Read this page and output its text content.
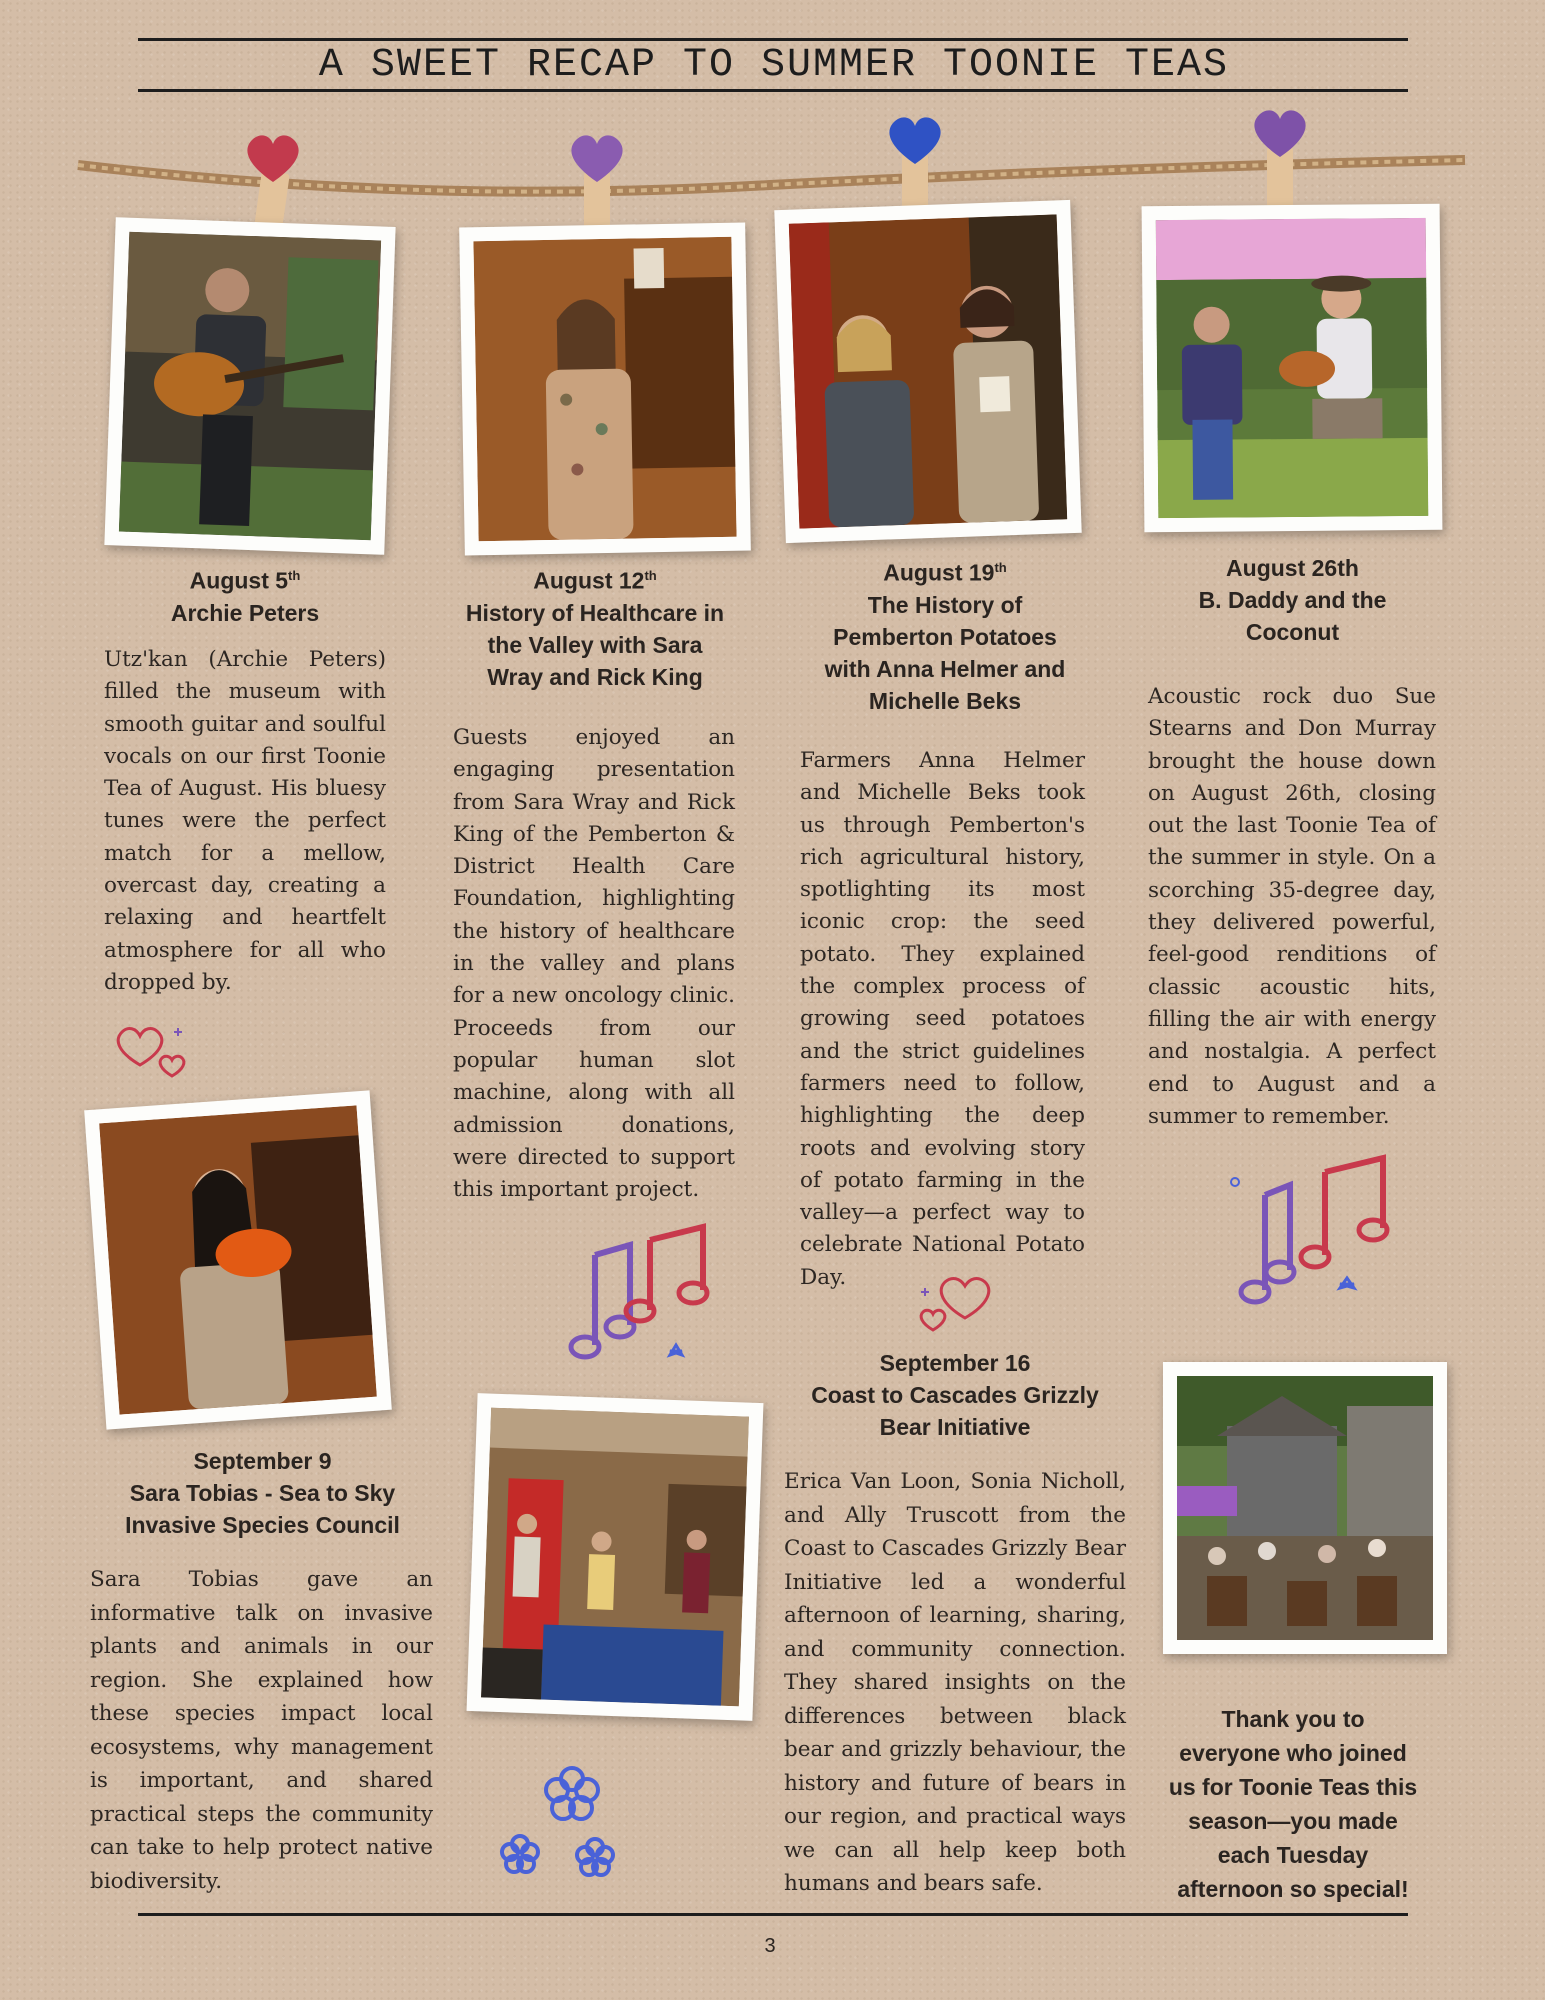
A SWEET RECAP TO SUMMER TOONIE TEAS
August 5th
Archie Peters
Utz'kan (Archie Peters) filled the museum with smooth guitar and soulful vocals on our first Toonie Tea of August. His bluesy tunes were the perfect match for a mellow, overcast day, creating a relaxing and heartfelt atmosphere for all who dropped by.
August 12th
History of Healthcare in
the Valley with Sara
Wray and Rick King
Guests enjoyed an engaging presentation from Sara Wray and Rick King of the Pemberton & District Health Care Foundation, highlighting the history of healthcare in the valley and plans for a new oncology clinic. Proceeds from our popular human slot machine, along with all admission donations, were directed to support this important project.
August 19th
The History of
Pemberton Potatoes
with Anna Helmer and
Michelle Beks
Farmers Anna Helmer and Michelle Beks took us through Pemberton's rich agricultural history, spotlighting its most iconic crop: the seed potato. They explained the complex process of growing seed potatoes and the strict guidelines farmers need to follow, highlighting the deep roots and evolving story of potato farming in the valley—a perfect way to celebrate National Potato Day.
August 26th
B. Daddy and the
Coconut
Acoustic rock duo Sue Stearns and Don Murray brought the house down on August 26th, closing out the last Toonie Tea of the summer in style. On a scorching 35-degree day, they delivered powerful, feel-good renditions of classic acoustic hits, filling the air with energy and nostalgia. A perfect end to August and a summer to remember.
September 9
Sara Tobias - Sea to Sky
Invasive Species Council
Sara Tobias gave an informative talk on invasive plants and animals in our region. She explained how these species impact local ecosystems, why management is important, and shared practical steps the community can take to help protect native biodiversity.
September 16
Coast to Cascades Grizzly
Bear Initiative
Erica Van Loon, Sonia Nicholl, and Ally Truscott from the Coast to Cascades Grizzly Bear Initiative led a wonderful afternoon of learning, sharing, and community connection. They shared insights on the differences between black bear and grizzly behaviour, the history and future of bears in our region, and practical ways we can all help keep both humans and bears safe.
Thank you to
everyone who joined
us for Toonie Teas this
season—you made
each Tuesday
afternoon so special!
3
